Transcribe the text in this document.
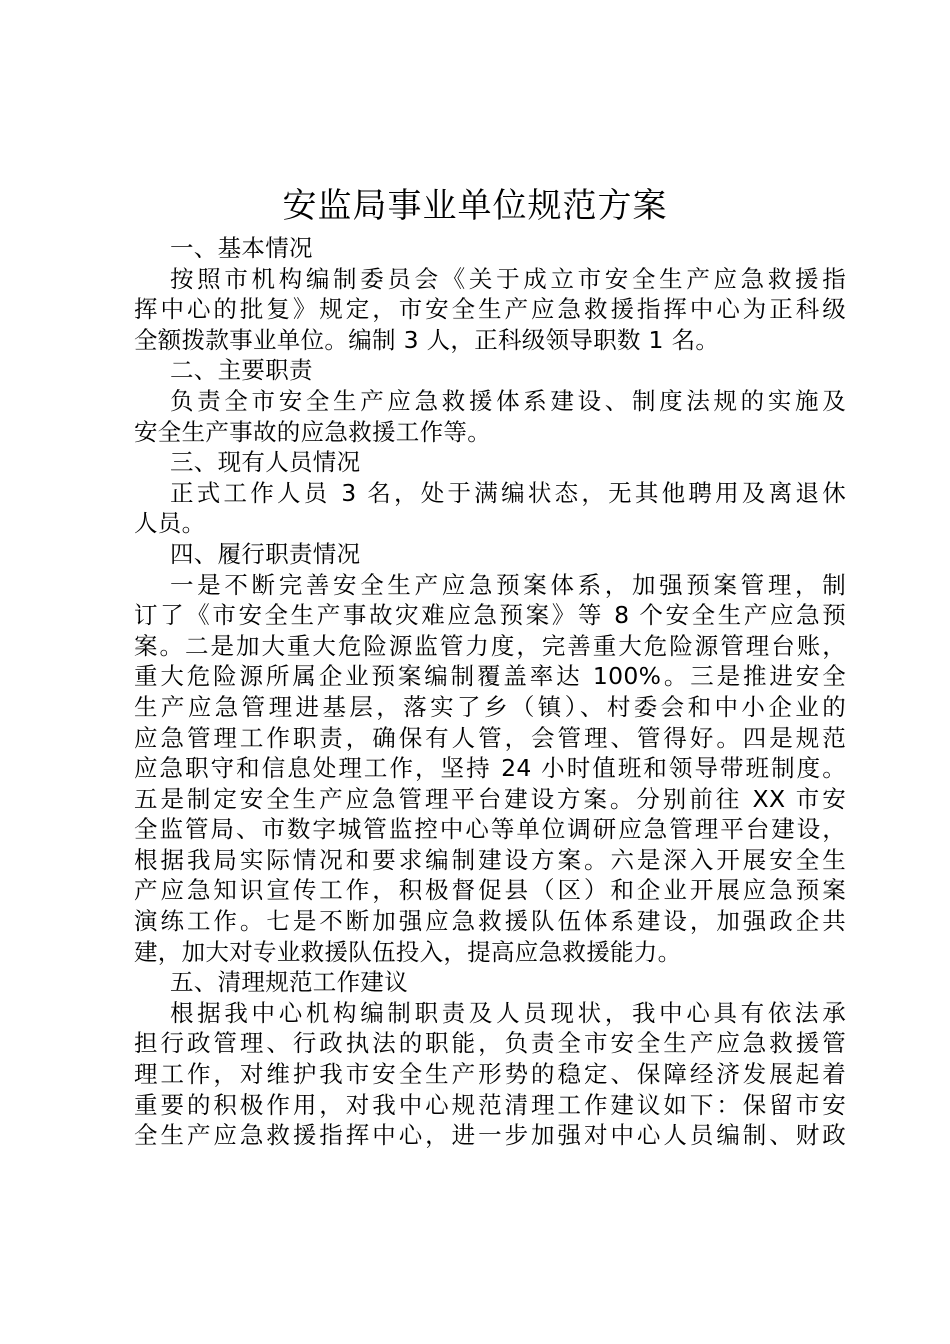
安监局事业单位规范方案
一、基本情况
按照市机构编制委员会《关于成立市安全生产应急救援指
挥中心的批复》规定，市安全生产应急救援指挥中心为正科级
全额拨款事业单位。编制 3 人，正科级领导职数 1 名。
二、主要职责
负责全市安全生产应急救援体系建设、制度法规的实施及
安全生产事故的应急救援工作等。
三、现有人员情况
正式工作人员 3 名，处于满编状态，无其他聘用及离退休
人员。
四、履行职责情况
一是不断完善安全生产应急预案体系，加强预案管理，制
订了《市安全生产事故灾难应急预案》等 8 个安全生产应急预
案。二是加大重大危险源监管力度，完善重大危险源管理台账，
重大危险源所属企业预案编制覆盖率达 100%。三是推进安全
生产应急管理进基层，落实了乡（镇）、村委会和中小企业的
应急管理工作职责，确保有人管，会管理、管得好。四是规范
应急职守和信息处理工作，坚持 24 小时值班和领导带班制度。
五是制定安全生产应急管理平台建设方案。分别前往 XX 市安
全监管局、市数字城管监控中心等单位调研应急管理平台建设，
根据我局实际情况和要求编制建设方案。六是深入开展安全生
产应急知识宣传工作，积极督促县（区）和企业开展应急预案
演练工作。七是不断加强应急救援队伍体系建设，加强政企共
建，加大对专业救援队伍投入，提高应急救援能力。
五、清理规范工作建议
根据我中心机构编制职责及人员现状，我中心具有依法承
担行政管理、行政执法的职能，负责全市安全生产应急救援管
理工作，对维护我市安全生产形势的稳定、保障经济发展起着
重要的积极作用，对我中心规范清理工作建议如下：保留市安
全生产应急救援指挥中心，进一步加强对中心人员编制、财政
